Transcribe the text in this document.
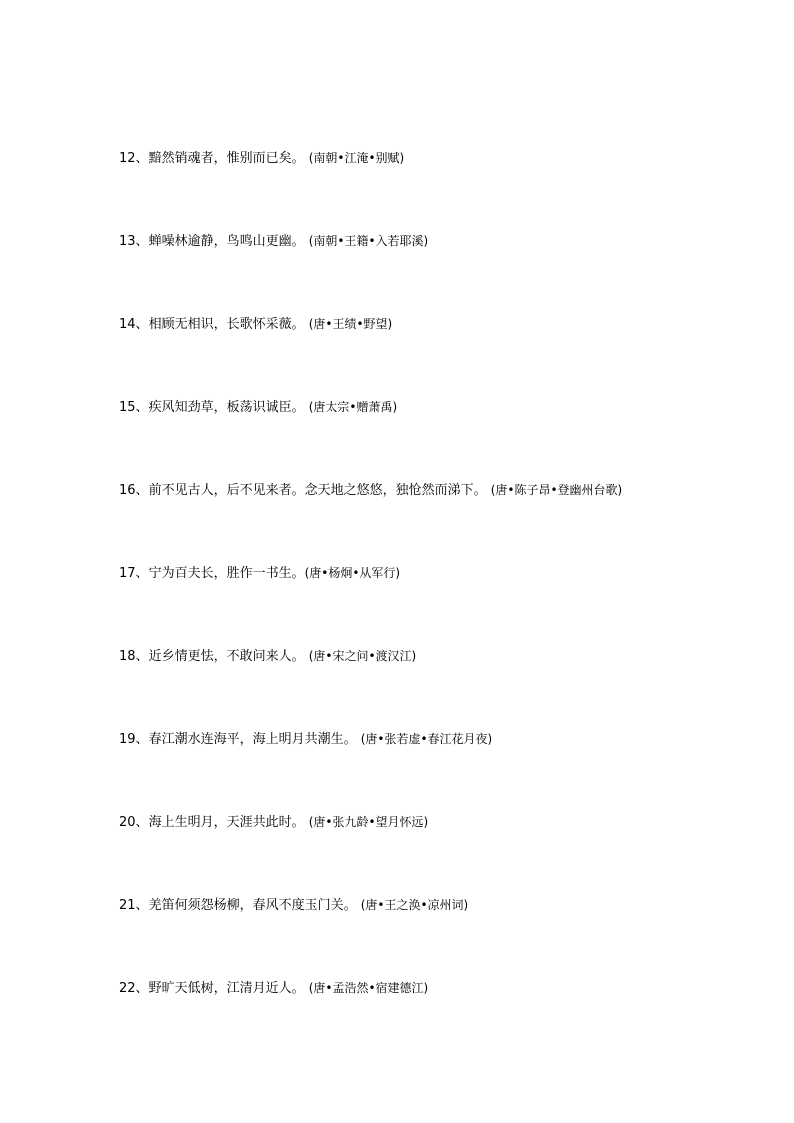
12、黯然销魂者，惟别而已矣。 (南朝•江淹•别赋)
13、蝉噪林逾静，鸟鸣山更幽。 (南朝•王籍•入若耶溪)
14、相顾无相识，长歌怀采薇。 (唐•王绩•野望)
15、疾风知劲草，板荡识诚臣。 (唐太宗•赠萧禹)
16、前不见古人，后不见来者。念天地之悠悠，独怆然而涕下。 (唐•陈子昂•登幽州台歌)
17、宁为百夫长，胜作一书生。(唐•杨炯•从军行)
18、近乡情更怯，不敢问来人。 (唐•宋之问•渡汉江)
19、春江潮水连海平，海上明月共潮生。 (唐•张若虚•春江花月夜)
20、海上生明月，天涯共此时。 (唐•张九龄•望月怀远)
21、羌笛何须怨杨柳，春风不度玉门关。 (唐•王之涣•凉州词)
22、野旷天低树，江清月近人。 (唐•孟浩然•宿建德江)
